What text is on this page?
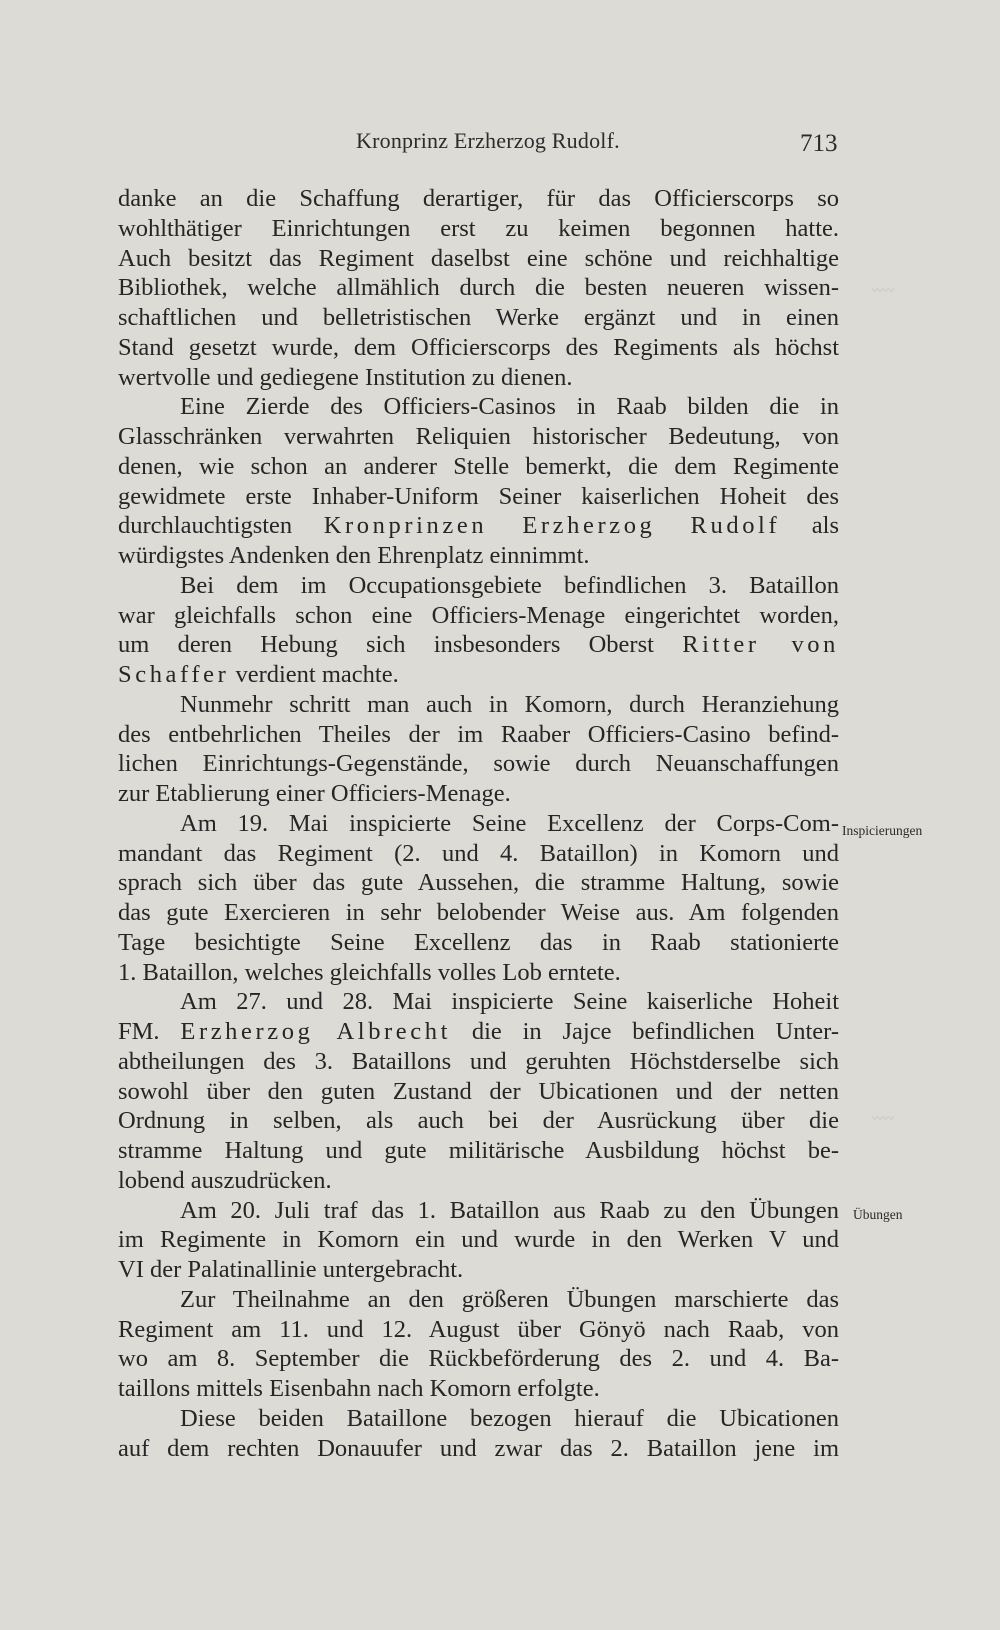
Kronprinz Erzherzog Rudolf.	713
danke an die Schaffung derartiger, für das Officierscorps so
wohlthätiger Einrichtungen erst zu keimen begonnen hatte.
Auch besitzt das Regiment daselbst eine schöne und reichhaltige
Bibliothek, welche allmählich durch die besten neueren wissen-
schaftlichen und belletristischen Werke ergänzt und in einen
Stand gesetzt wurde, dem Officierscorps des Regiments als höchst
wertvolle und gediegene Institution zu dienen.
Eine Zierde des Officiers-Casinos in Raab bilden die in
Glasschränken verwahrten Reliquien historischer Bedeutung, von
denen, wie schon an anderer Stelle bemerkt, die dem Regimente
gewidmete erste Inhaber-Uniform Seiner kaiserlichen Hoheit des
durchlauchtigsten Kronprinzen Erzherzog Rudolf als
würdigstes Andenken den Ehrenplatz einnimmt.
Bei dem im Occupationsgebiete befindlichen 3. Bataillon
war gleichfalls schon eine Officiers-Menage eingerichtet worden,
um deren Hebung sich insbesonders Oberst Ritter von
Schaffer verdient machte.
Nunmehr schritt man auch in Komorn, durch Heranziehung
des entbehrlichen Theiles der im Raaber Officiers-Casino befind-
lichen Einrichtungs-Gegenstände, sowie durch Neuanschaffungen
zur Etablierung einer Officiers-Menage.
Am 19. Mai inspicierte Seine Excellenz der Corps-Com-
mandant das Regiment (2. und 4. Bataillon) in Komorn und
sprach sich über das gute Aussehen, die stramme Haltung, sowie
das gute Exercieren in sehr belobender Weise aus. Am folgenden
Tage besichtigte Seine Excellenz das in Raab stationierte
1. Bataillon, welches gleichfalls volles Lob erntete.
Am 27. und 28. Mai inspicierte Seine kaiserliche Hoheit
FM. Erzherzog Albrecht die in Jajce befindlichen Unter-
abtheilungen des 3. Bataillons und geruhten Höchstderselbe sich
sowohl über den guten Zustand der Ubicationen und der netten
Ordnung in selben, als auch bei der Ausrückung über die
stramme Haltung und gute militärische Ausbildung höchst be-
lobend auszudrücken.
Am 20. Juli traf das 1. Bataillon aus Raab zu den Übungen
im Regimente in Komorn ein und wurde in den Werken V und
VI der Palatinallinie untergebracht.
Zur Theilnahme an den größeren Übungen marschierte das
Regiment am 11. und 12. August über Gönyö nach Raab, von
wo am 8. September die Rückbeförderung des 2. und 4. Ba-
taillons mittels Eisenbahn nach Komorn erfolgte.
Diese beiden Bataillone bezogen hierauf die Ubicationen
auf dem rechten Donauufer und zwar das 2. Bataillon jene im
Inspicierungen
Übungen
〰〰
〰〰
